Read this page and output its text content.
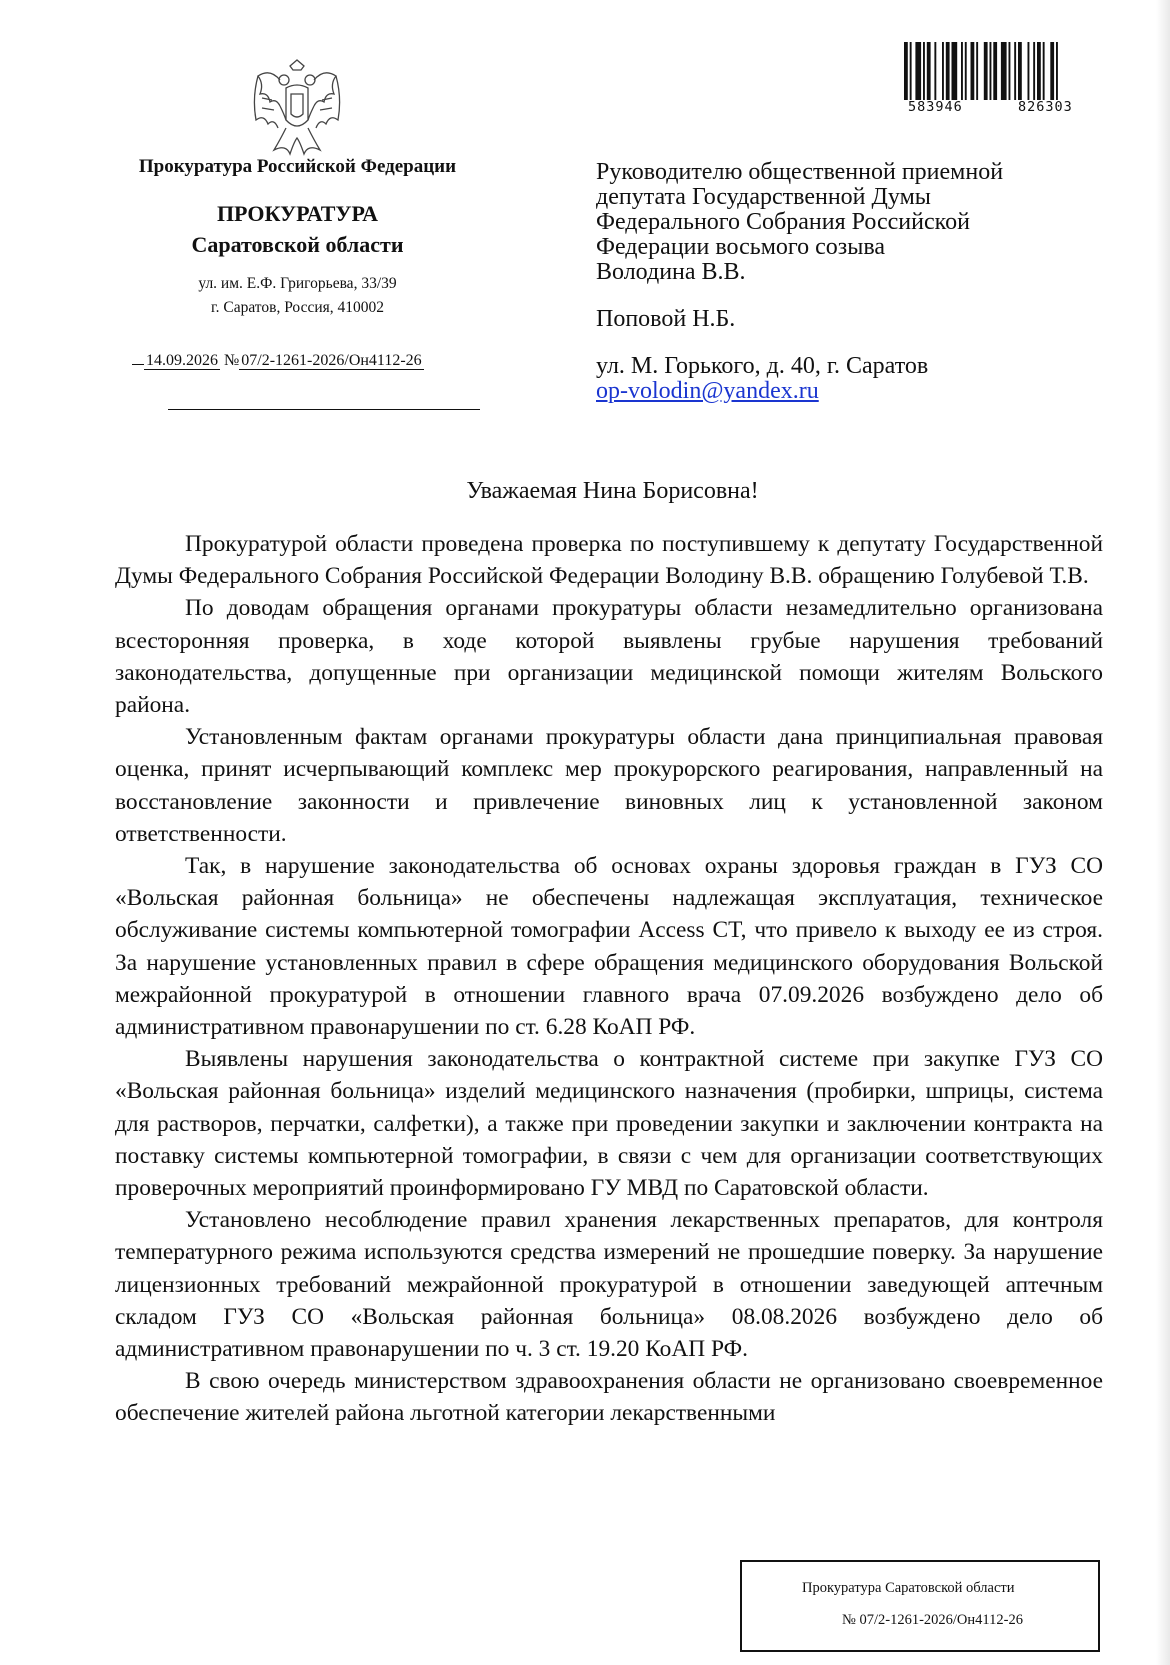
Прокуратура Российской Федерации
ПРОКУРАТУРА
Саратовской области
ул. им. Е.Ф. Григорьева, 33/39
г. Саратов, Россия, 410002
14.09.2026 № 07/2-1261-2026/Он4112-26
583946	826303

Руководителю общественной приемной

депутата Государственной Думы

Федерального Собрания Российской

Федерации восьмого созыва

Володина В.В.

Поповой Н.Б.

ул. М. Горького, д. 40, г. Саратов

op-volodin@yandex.ru

Уважаемая Нина Борисовна!

Прокуратурой области проведена проверка по поступившему к депутату Государственной Думы Федерального Собрания Российской Федерации Володину В.В. обращению Голубевой Т.В.

По доводам обращения органами прокуратуры области незамедлительно организована всесторонняя проверка, в ходе которой выявлены грубые нарушения требований законодательства, допущенные при организации медицинской помощи жителям Вольского района.

Установленным фактам органами прокуратуры области дана принципиальная правовая оценка, принят исчерпывающий комплекс мер прокурорского реагирования, направленный на восстановление законности и привлечение виновных лиц к установленной законом ответственности.

Так, в нарушение законодательства об основах охраны здоровья граждан в ГУЗ СО «Вольская районная больница» не обеспечены надлежащая эксплуатация, техническое обслуживание системы компьютерной томографии Access CT, что привело к выходу ее из строя. За нарушение установленных правил в сфере обращения медицинского оборудования Вольской межрайонной прокуратурой в отношении главного врача 07.09.2026 возбуждено дело об административном правонарушении по ст. 6.28 КоАП РФ.

Выявлены нарушения законодательства о контрактной системе при закупке ГУЗ СО «Вольская районная больница» изделий медицинского назначения (пробирки, шприцы, система для растворов, перчатки, салфетки), а также при проведении закупки и заключении контракта на поставку системы компьютерной томографии, в связи с чем для организации соответствующих проверочных мероприятий проинформировано ГУ МВД по Саратовской области.

Установлено несоблюдение правил хранения лекарственных препаратов, для контроля температурного режима используются средства измерений не прошедшие поверку. За нарушение лицензионных требований межрайонной прокуратурой в отношении заведующей аптечным складом ГУЗ СО «Вольская районная больница» 08.08.2026 возбуждено дело об административном правонарушении по ч. 3 ст. 19.20 КоАП РФ.

В свою очередь министерством здравоохранения области не организовано своевременное обеспечение жителей района льготной категории лекарственными

Прокуратура Саратовской области
№ 07/2-1261-2026/Он4112-26
